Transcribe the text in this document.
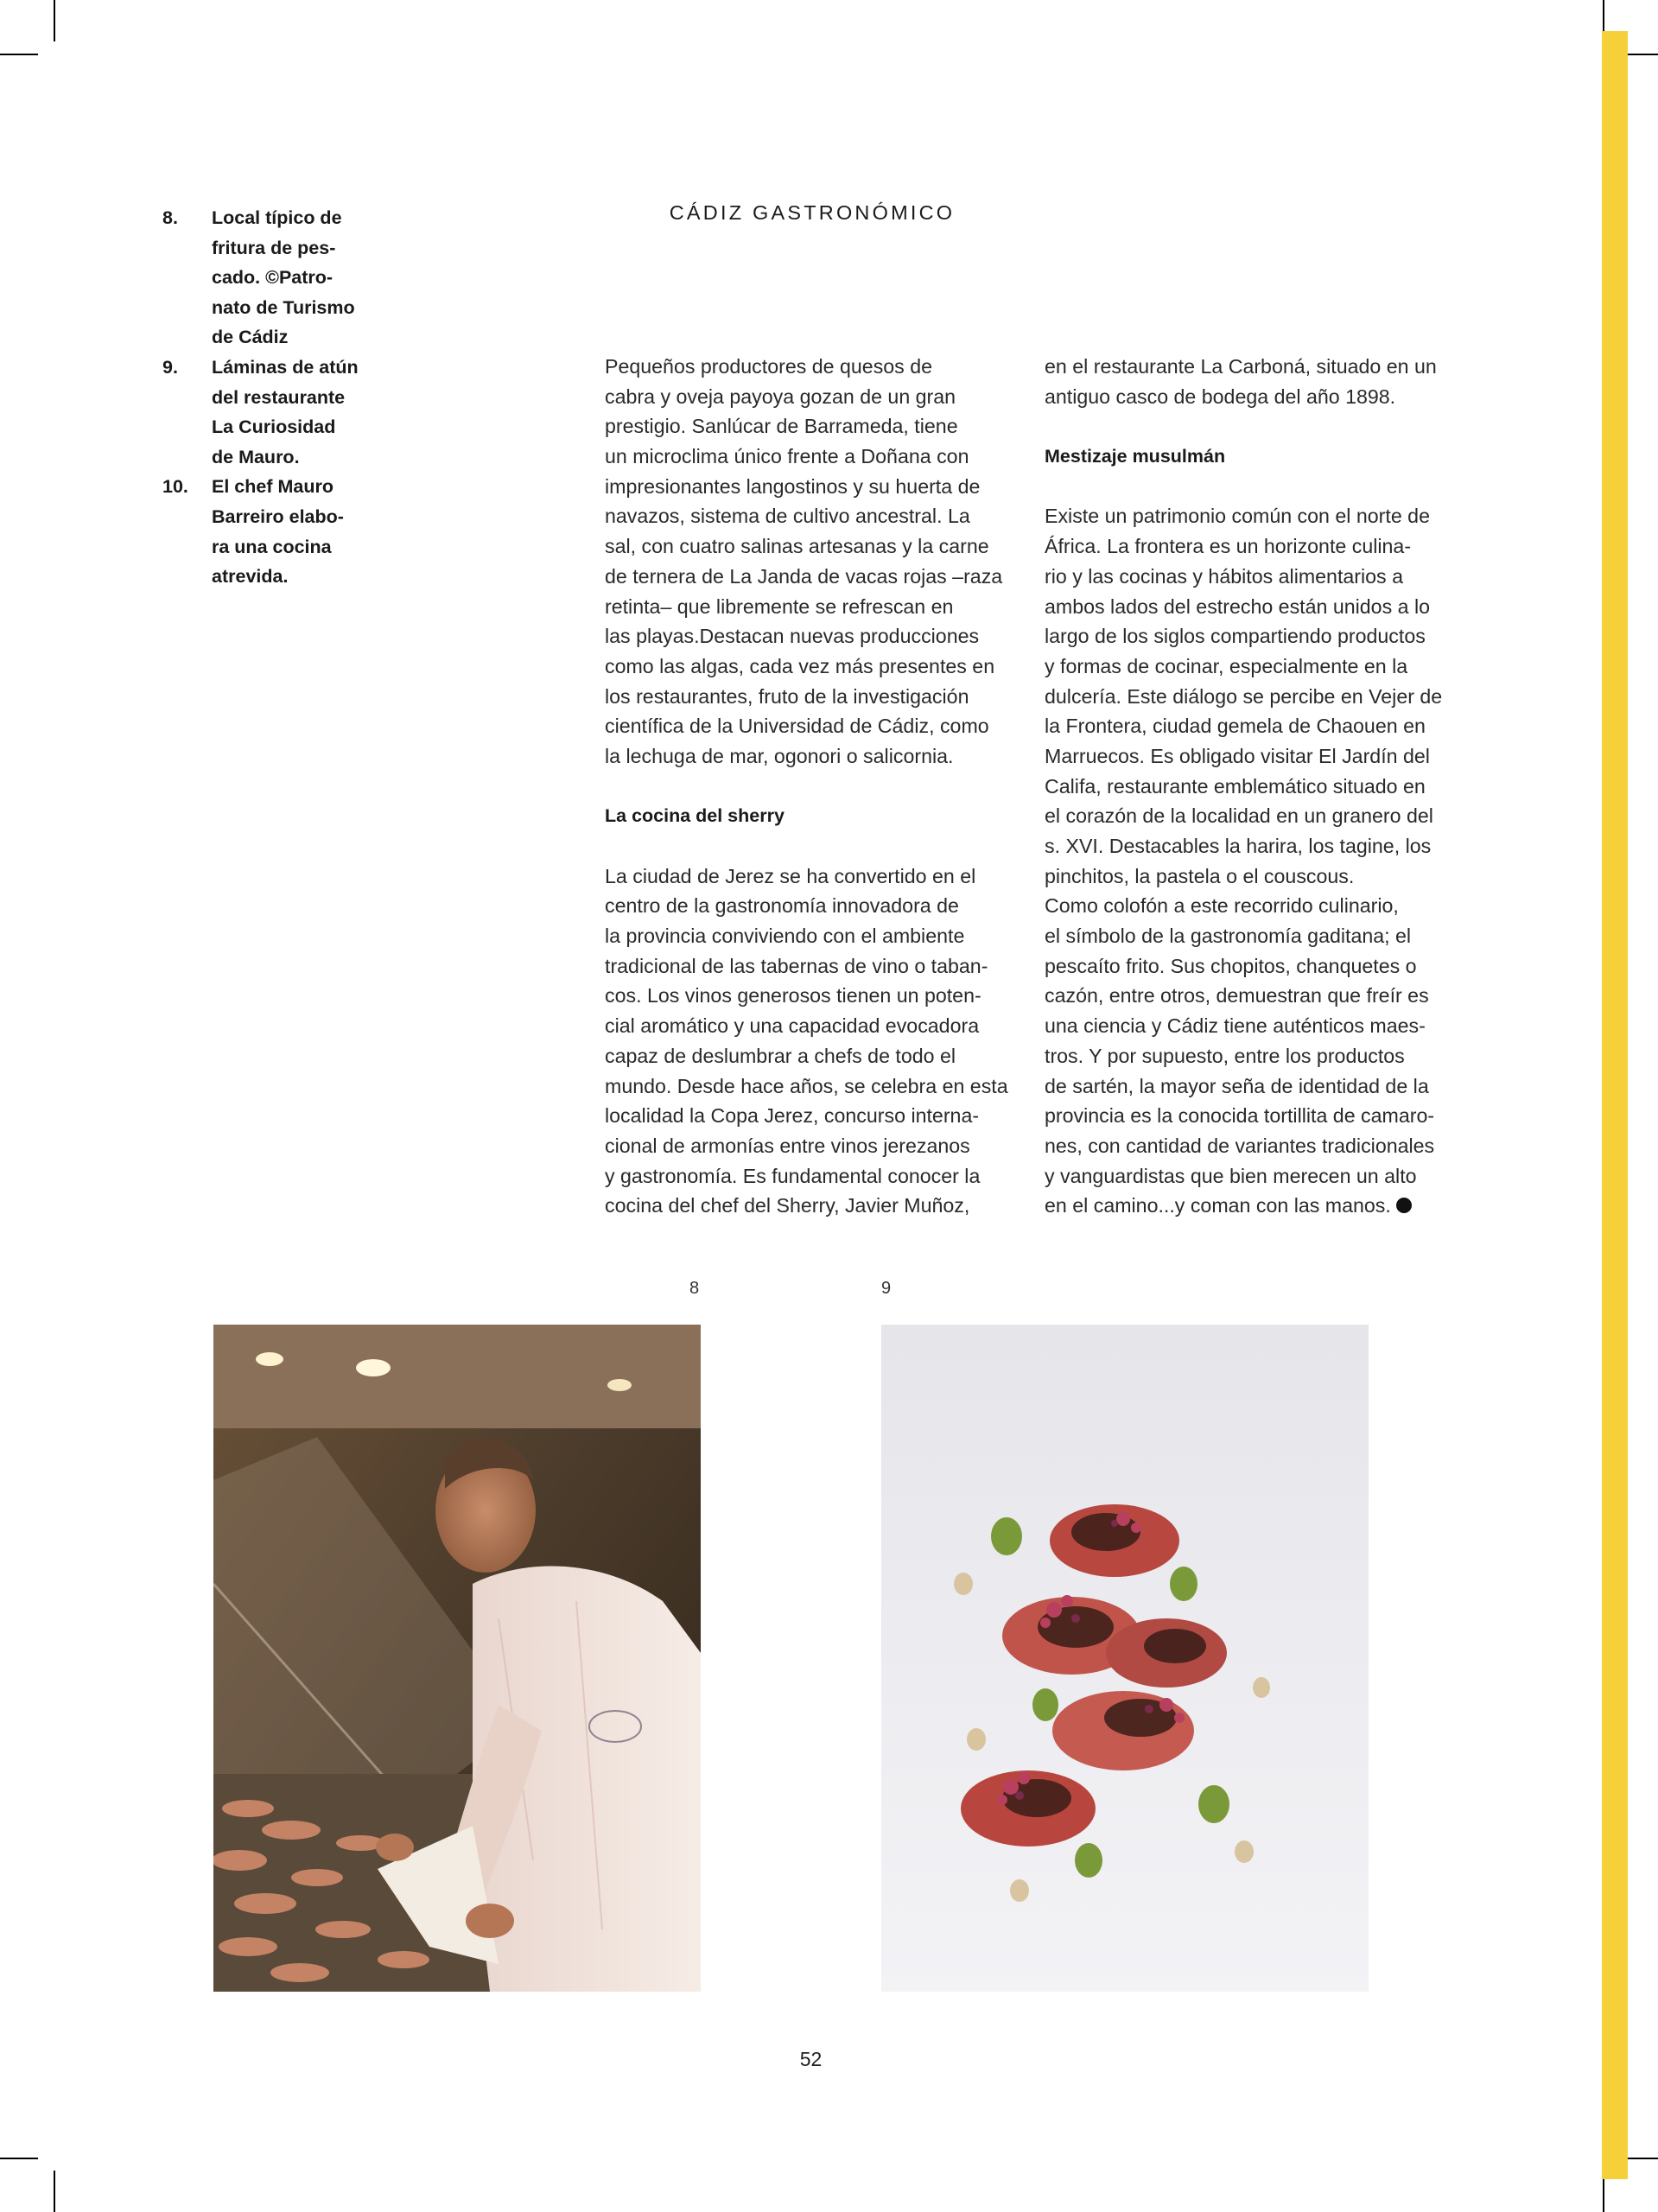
8.	Local típico de
fritura de pes-
cado. ©Patro-
nato de Turismo
de Cádiz
9.	Láminas de atún
del restaurante
La Curiosidad
de Mauro.
10.	El chef Mauro
Barreiro elabo-
ra una cocina
atrevida.
CÁDIZ GASTRONÓMICO
Pequeños productores de quesos de
cabra y oveja payoya gozan de un gran
prestigio. Sanlúcar de Barrameda, tiene
un microclima único frente a Doñana con
impresionantes langostinos y su huerta de
navazos, sistema de cultivo ancestral. La
sal, con cuatro salinas artesanas y la carne
de ternera de La Janda de vacas rojas –raza
retinta– que libremente se refrescan en
las playas.Destacan nuevas producciones
como las algas, cada vez más presentes en
los restaurantes, fruto de la investigación
científica de la Universidad de Cádiz, como
la lechuga de mar, ogonori o salicornia.
La cocina del sherry
La ciudad de Jerez se ha convertido en el
centro de la gastronomía innovadora de
la provincia conviviendo con el ambiente
tradicional de las tabernas de vino o taban-
cos. Los vinos generosos tienen un poten-
cial aromático y una capacidad evocadora
capaz de deslumbrar a chefs de todo el
mundo. Desde hace años, se celebra en esta
localidad la Copa Jerez, concurso interna-
cional de armonías entre vinos jerezanos
y gastronomía. Es fundamental conocer la
cocina del chef del Sherry, Javier Muñoz,
en el restaurante La Carboná, situado en un
antiguo casco de bodega del año 1898.
Mestizaje musulmán
Existe un patrimonio común con el norte de
África. La frontera es un horizonte culina-
rio y las cocinas y hábitos alimentarios a
ambos lados del estrecho están unidos a lo
largo de los siglos compartiendo productos
y formas de cocinar, especialmente en la
dulcería. Este diálogo se percibe en Vejer de
la Frontera, ciudad gemela de Chaouen en
Marruecos. Es obligado visitar El Jardín del
Califa, restaurante emblemático situado en
el corazón de la localidad en un granero del
s. XVI. Destacables la harira, los tagine, los
pinchitos, la pastela o el couscous.
Como colofón a este recorrido culinario,
el símbolo de la gastronomía gaditana; el
pescaíto frito. Sus chopitos, chanquetes o
cazón, entre otros, demuestran que freír es
una ciencia y Cádiz tiene auténticos maes-
tros. Y por supuesto, entre los productos
de sartén, la mayor seña de identidad de la
provincia es la conocida tortillita de camaro-
nes, con cantidad de variantes tradicionales
y vanguardistas que bien merecen un alto
en el camino...y coman con las manos.
8	9
52
